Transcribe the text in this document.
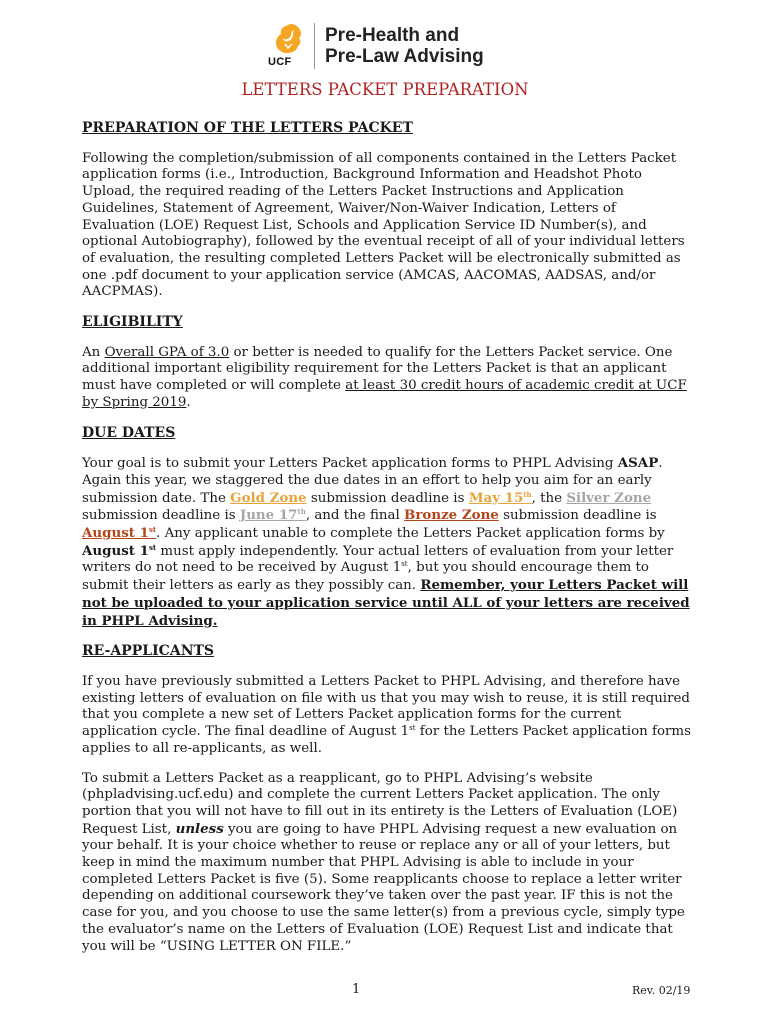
UCF
Pre-Health and
Pre-Law Advising
LETTERS PACKET PREPARATION
PREPARATION OF THE LETTERS PACKET

Following the completion/submission of all components contained in the Letters Packet application forms (i.e., Introduction, Background Information and Headshot Photo Upload, the required reading of the Letters Packet Instructions and Application Guidelines, Statement of Agreement, Waiver/Non-Waiver Indication, Letters of Evaluation (LOE) Request List, Schools and Application Service ID Number(s), and optional Autobiography), followed by the eventual receipt of all of your individual letters of evaluation, the resulting completed Letters Packet will be electronically submitted as one .pdf document to your application service (AMCAS, AACOMAS, AADSAS, and/or AACPMAS).

ELIGIBILITY

An Overall GPA of 3.0 or better is needed to qualify for the Letters Packet service. One additional important eligibility requirement for the Letters Packet is that an applicant must have completed or will complete at least 30 credit hours of academic credit at UCF by Spring 2019.

DUE DATES

Your goal is to submit your Letters Packet application forms to PHPL Advising ASAP. Again this year, we staggered the due dates in an effort to help you aim for an early submission date. The Gold Zone submission deadline is May 15th, the Silver Zone submission deadline is June 17th, and the final Bronze Zone submission deadline is August 1st. Any applicant unable to complete the Letters Packet application forms by August 1st must apply independently. Your actual letters of evaluation from your letter writers do not need to be received by August 1st, but you should encourage them to submit their letters as early as they possibly can. Remember, your Letters Packet will not be uploaded to your application service until ALL of your letters are received in PHPL Advising.

RE-APPLICANTS

If you have previously submitted a Letters Packet to PHPL Advising, and therefore have existing letters of evaluation on file with us that you may wish to reuse, it is still required that you complete a new set of Letters Packet application forms for the current application cycle. The final deadline of August 1st for the Letters Packet application forms applies to all re-applicants, as well.

To submit a Letters Packet as a reapplicant, go to PHPL Advising’s website (phpladvising.ucf.edu) and complete the current Letters Packet application. The only portion that you will not have to fill out in its entirety is the Letters of Evaluation (LOE) Request List, unless you are going to have PHPL Advising request a new evaluation on your behalf. It is your choice whether to reuse or replace any or all of your letters, but keep in mind the maximum number that PHPL Advising is able to include in your completed Letters Packet is five (5). Some reapplicants choose to replace a letter writer depending on additional coursework they’ve taken over the past year. IF this is not the case for you, and you choose to use the same letter(s) from a previous cycle, simply type the evaluator’s name on the Letters of Evaluation (LOE) Request List and indicate that you will be “USING LETTER ON FILE.”

1	Rev. 02/19
